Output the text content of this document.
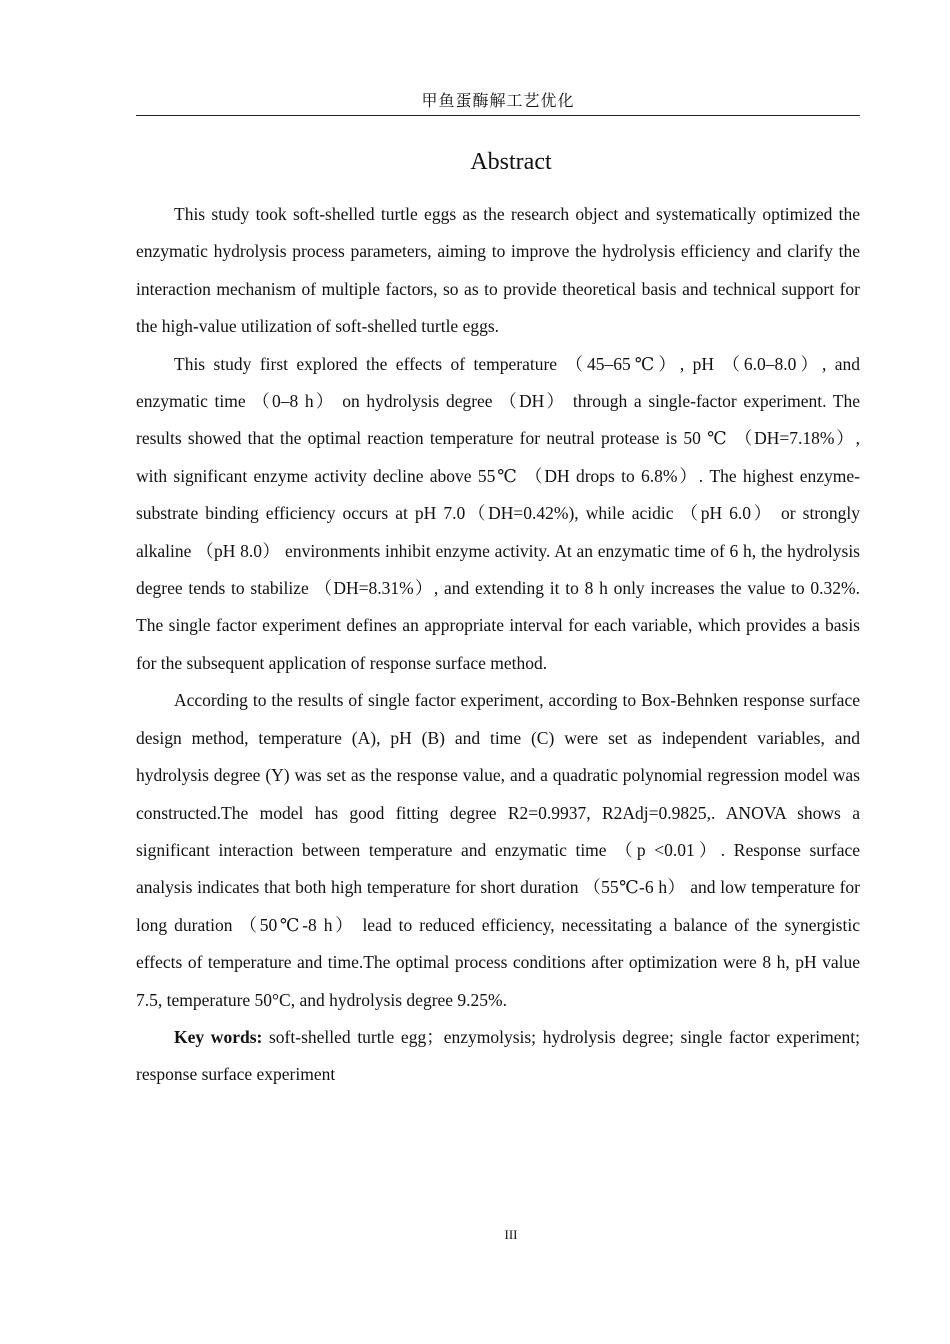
甲鱼蛋酶解工艺优化
Abstract

This study took soft-shelled turtle eggs as the research object and systematically optimized the enzymatic hydrolysis process parameters, aiming to improve the hydrolysis efficiency and clarify the interaction mechanism of multiple factors, so as to provide theoretical basis and technical support for the high-value utilization of soft-shelled turtle eggs.

This study first explored the effects of temperature （45–65℃）, pH （6.0–8.0）, and enzymatic time （0–8 h） on hydrolysis degree （DH） through a single-factor experiment. The results showed that the optimal reaction temperature for neutral protease is 50 ℃ （DH=7.18%）, with significant enzyme activity decline above 55℃ （DH drops to 6.8%）. The highest enzyme-substrate binding efficiency occurs at pH 7.0（DH=0.42%), while acidic （pH 6.0） or strongly alkaline （pH 8.0） environments inhibit enzyme activity. At an enzymatic time of 6 h, the hydrolysis degree tends to stabilize （DH=8.31%）, and extending it to 8 h only increases the value to 0.32%. The single factor experiment defines an appropriate interval for each variable, which provides a basis for the subsequent application of response surface method.

According to the results of single factor experiment, according to Box-Behnken response surface design method, temperature (A), pH (B) and time (C) were set as independent variables, and hydrolysis degree (Y) was set as the response value, and a quadratic polynomial regression model was constructed.The model has good fitting degree R2=0.9937, R2Adj=0.9825,. ANOVA shows a significant interaction between temperature and enzymatic time （p <0.01）. Response surface analysis indicates that both high temperature for short duration （55℃-6 h） and low temperature for long duration （50℃-8 h） lead to reduced efficiency, necessitating a balance of the synergistic effects of temperature and time.The optimal process conditions after optimization were 8 h, pH value 7.5, temperature 50°C, and hydrolysis degree 9.25%.

Key words: soft-shelled turtle egg；enzymolysis; hydrolysis degree; single factor experiment; response surface experiment

III
